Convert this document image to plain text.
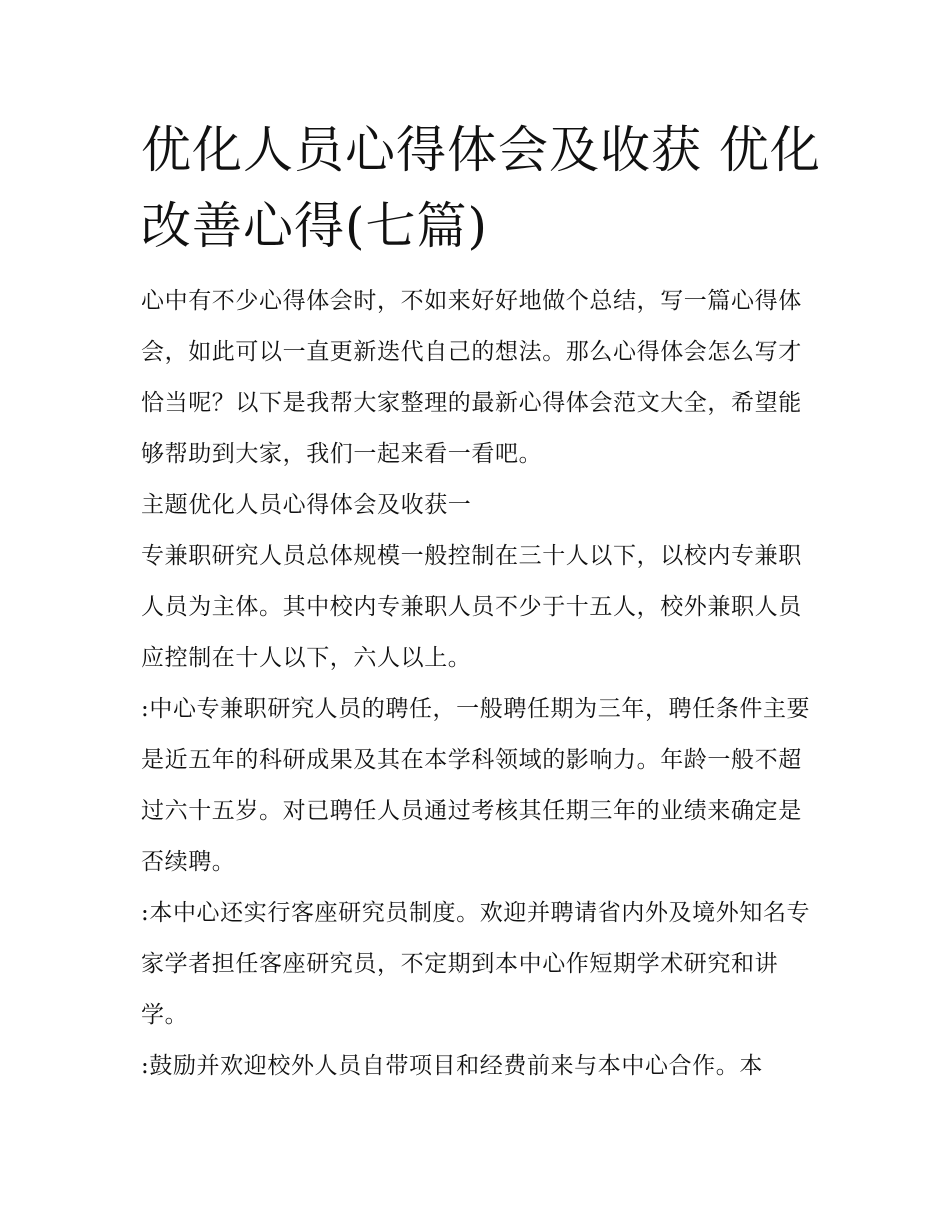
优化人员心得体会及收获 优化改善心得(七篇)

心中有不少心得体会时，不如来好好地做个总结，写一篇心得体会，如此可以一直更新迭代自己的想法。那么心得体会怎么写才恰当呢？以下是我帮大家整理的最新心得体会范文大全，希望能够帮助到大家，我们一起来看一看吧。

主题优化人员心得体会及收获一

专兼职研究人员总体规模一般控制在三十人以下，以校内专兼职人员为主体。其中校内专兼职人员不少于十五人，校外兼职人员应控制在十人以下，六人以上。

:中心专兼职研究人员的聘任，一般聘任期为三年，聘任条件主要是近五年的科研成果及其在本学科领域的影响力。年龄一般不超过六十五岁。对已聘任人员通过考核其任期三年的业绩来确定是否续聘。

:本中心还实行客座研究员制度。欢迎并聘请省内外及境外知名专家学者担任客座研究员，不定期到本中心作短期学术研究和讲学。

:鼓励并欢迎校外人员自带项目和经费前来与本中心合作。本
